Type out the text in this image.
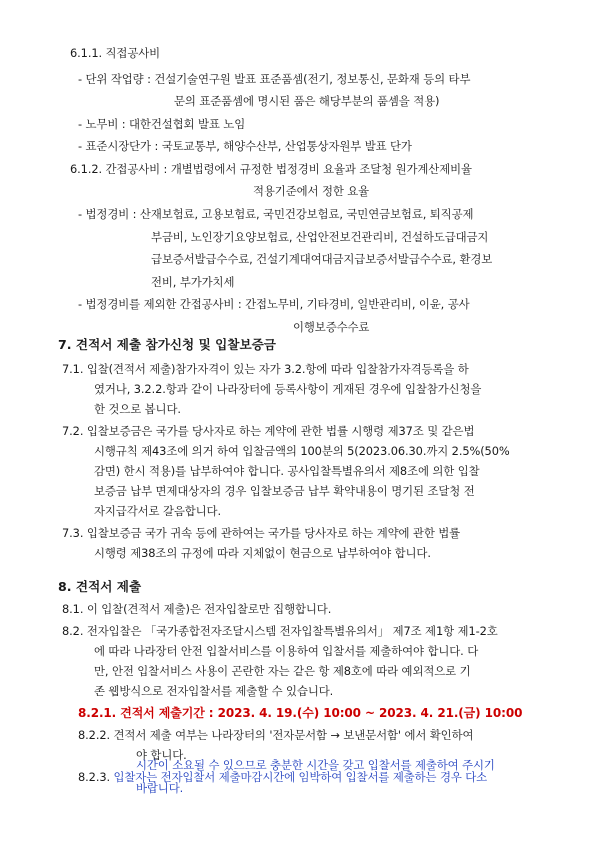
6.1.1. 직접공사비
- 단위 작업량 : 건설기술연구원 발표 표준품셈(전기, 정보통신, 문화재 등의 타부
문의 표준품셈에 명시된 품은 해당부분의 품셈을 적용)
- 노무비 : 대한건설협회 발표 노임
- 표준시장단가 : 국토교통부, 해양수산부, 산업통상자원부 발표 단가
6.1.2. 간접공사비 : 개별법령에서 규정한 법정경비 요율과 조달청 원가계산제비율
적용기준에서 정한 요율
- 법정경비 : 산재보험료, 고용보험료, 국민건강보험료, 국민연금보험료, 퇴직공제
부금비, 노인장기요양보험료, 산업안전보건관리비, 건설하도급대금지
급보증서발급수수료, 건설기계대여대금지급보증서발급수수료, 환경보
전비, 부가가치세
- 법정경비를 제외한 간접공사비 : 간접노무비, 기타경비, 일반관리비, 이윤, 공사
이행보증수수료
7. 견적서 제출 참가신청 및 입찰보증금
7.1. 입찰(견적서 제출)참가자격이 있는 자가 3.2.항에 따라 입찰참가자격등록을 하
였거나, 3.2.2.항과 같이 나라장터에 등록사항이 게재된 경우에 입찰참가신청을
한 것으로 봅니다.
7.2. 입찰보증금은 국가를 당사자로 하는 계약에 관한 법률 시행령 제37조 및 같은법
시행규칙 제43조에 의거 하여 입찰금액의 100분의 5(2023.06.30.까지 2.5%(50%
감면) 한시 적용)를 납부하여야 합니다. 공사입찰특별유의서 제8조에 의한 입찰
보증금 납부 면제대상자의 경우 입찰보증금 납부 확약내용이 명기된 조달청 전
자지급각서로 갈음합니다.
7.3. 입찰보증금 국가 귀속 등에 관하여는 국가를 당사자로 하는 계약에 관한 법률
시행령 제38조의 규정에 따라 지체없이 현금으로 납부하여야 합니다.
8. 견적서 제출
8.1. 이 입찰(견적서 제출)은 전자입찰로만 집행합니다.
8.2. 전자입찰은 「국가종합전자조달시스템 전자입찰특별유의서」 제7조 제1항 제1-2호
에 따라 나라장터 안전 입찰서비스를 이용하여 입찰서를 제출하여야 합니다. 다
만, 안전 입찰서비스 사용이 곤란한 자는 같은 항 제8호에 따라 예외적으로 기
존 웹방식으로 전자입찰서를 제출할 수 있습니다.
8.2.1. 견적서 제출기간 : 2023. 4. 19.(수) 10:00 ~ 2023. 4. 21.(금) 10:00
8.2.2. 견적서 제출 여부는 나라장터의 '전자문서함 → 보낸문서함' 에서 확인하여
야 합니다.
8.2.3. 입찰자는 전자입찰서 제출마감시간에 임박하여 입찰서를 제출하는 경우 다소
시간이 소요될 수 있으므로 충분한 시간을 갖고 입찰서를 제출하여 주시기
바랍니다.
